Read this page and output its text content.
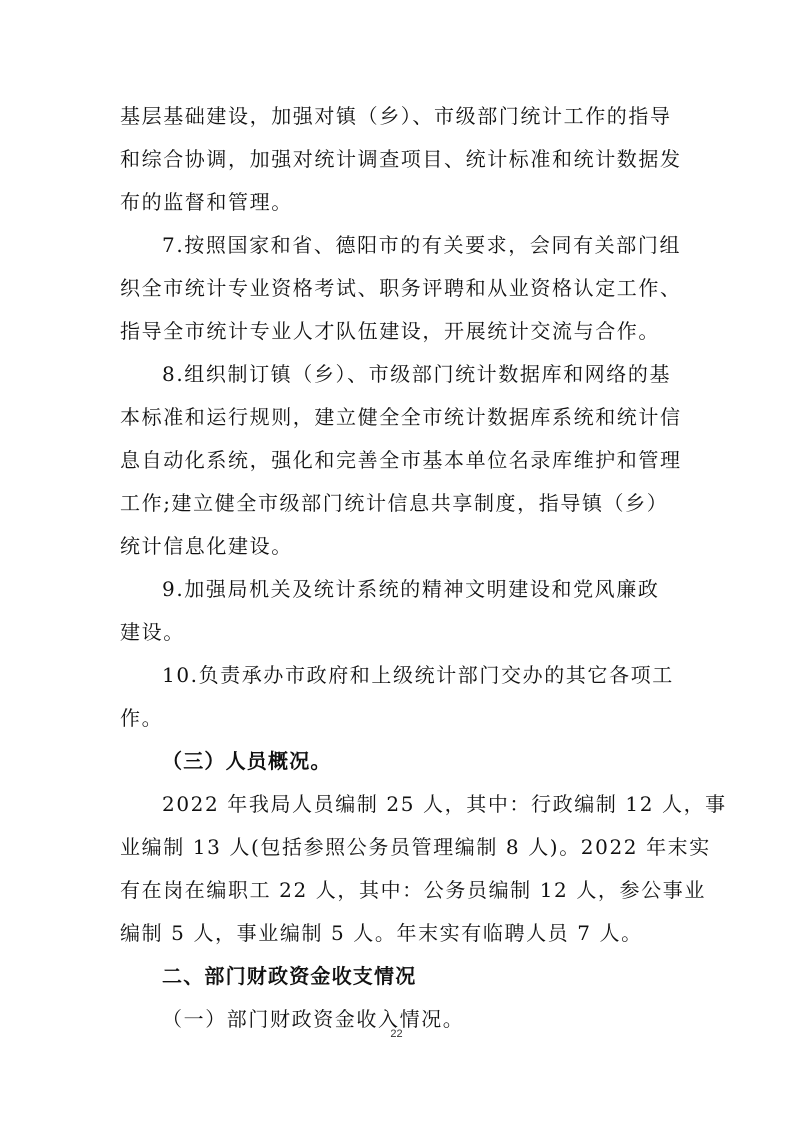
基层基础建设，加强对镇（乡）、市级部门统计工作的指导

和综合协调，加强对统计调查项目、统计标准和统计数据发

布的监督和管理。

7.按照国家和省、德阳市的有关要求，会同有关部门组

织全市统计专业资格考试、职务评聘和从业资格认定工作、

指导全市统计专业人才队伍建设，开展统计交流与合作。

8.组织制订镇（乡）、市级部门统计数据库和网络的基

本标准和运行规则，建立健全全市统计数据库系统和统计信

息自动化系统，强化和完善全市基本单位名录库维护和管理

工作;建立健全市级部门统计信息共享制度，指导镇（乡）

统计信息化建设。

9.加强局机关及统计系统的精神文明建设和党风廉政

建设。

10.负责承办市政府和上级统计部门交办的其它各项工

作。

（三）人员概况。

2022 年我局人员编制 25 人，其中：行政编制 12 人，事

业编制 13 人(包括参照公务员管理编制 8 人)。2022 年末实

有在岗在编职工 22 人，其中：公务员编制 12 人，参公事业

编制 5 人，事业编制 5 人。年末实有临聘人员 7 人。

二、部门财政资金收支情况

（一）部门财政资金收入情况。

22
